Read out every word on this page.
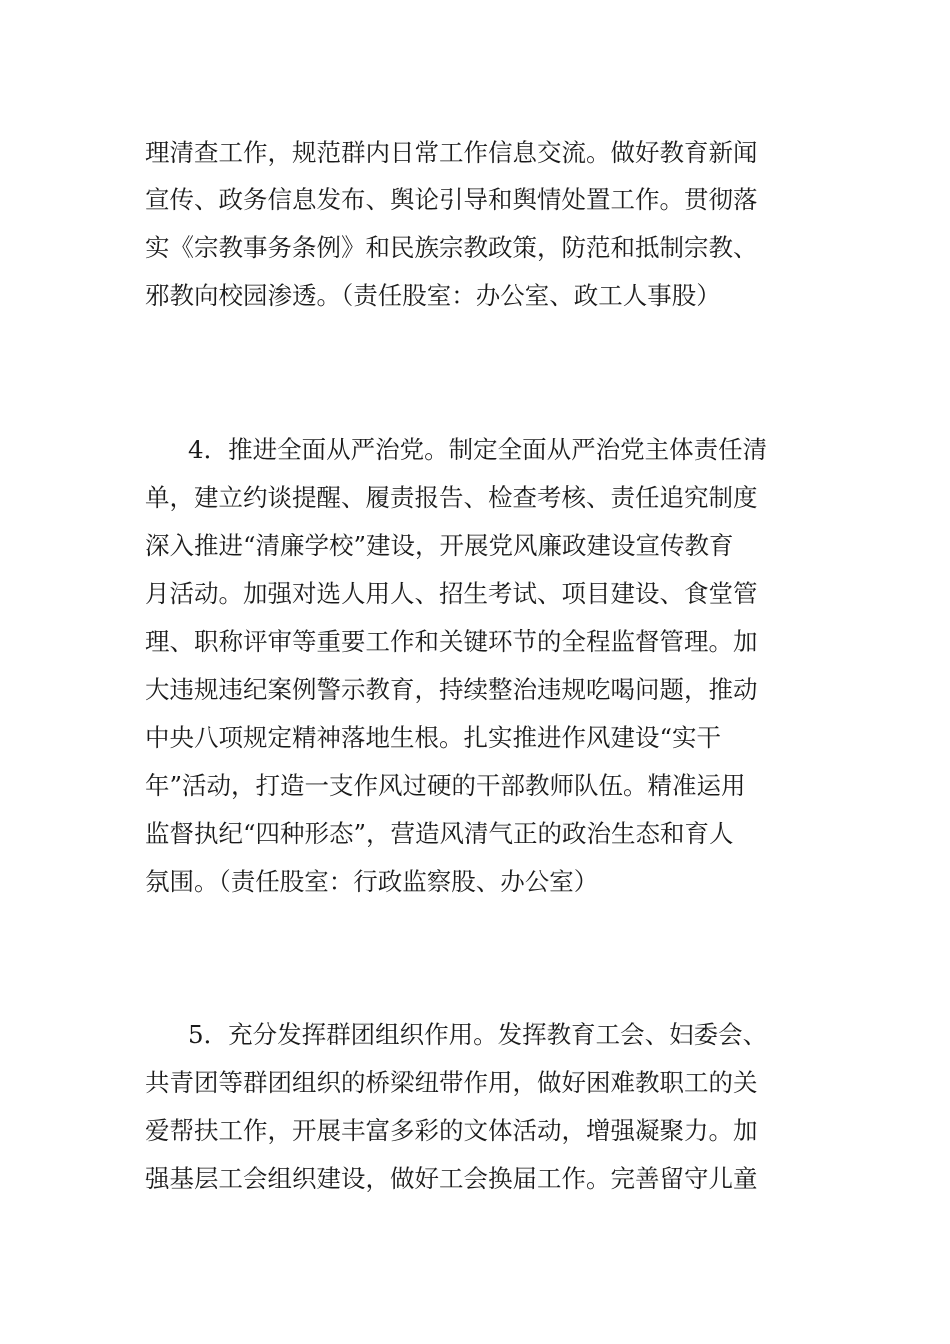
理清查工作，规范群内日常工作信息交流。做好教育新闻
宣传、政务信息发布、舆论引导和舆情处置工作。贯彻落
实《宗教事务条例》和民族宗教政策，防范和抵制宗教、
邪教向校园渗透。（责任股室：办公室、政工人事股）
4．推进全面从严治党。制定全面从严治党主体责任清
单，建立约谈提醒、履责报告、检查考核、责任追究制度
深入推进“清廉学校”建设，开展党风廉政建设宣传教育
月活动。加强对选人用人、招生考试、项目建设、食堂管
理、职称评审等重要工作和关键环节的全程监督管理。加
大违规违纪案例警示教育，持续整治违规吃喝问题，推动
中央八项规定精神落地生根。扎实推进作风建设“实干
年”活动，打造一支作风过硬的干部教师队伍。精准运用
监督执纪“四种形态”，营造风清气正的政治生态和育人
氛围。（责任股室：行政监察股、办公室）
5．充分发挥群团组织作用。发挥教育工会、妇委会、
共青团等群团组织的桥梁纽带作用，做好困难教职工的关
爱帮扶工作，开展丰富多彩的文体活动，增强凝聚力。加
强基层工会组织建设，做好工会换届工作。完善留守儿童
